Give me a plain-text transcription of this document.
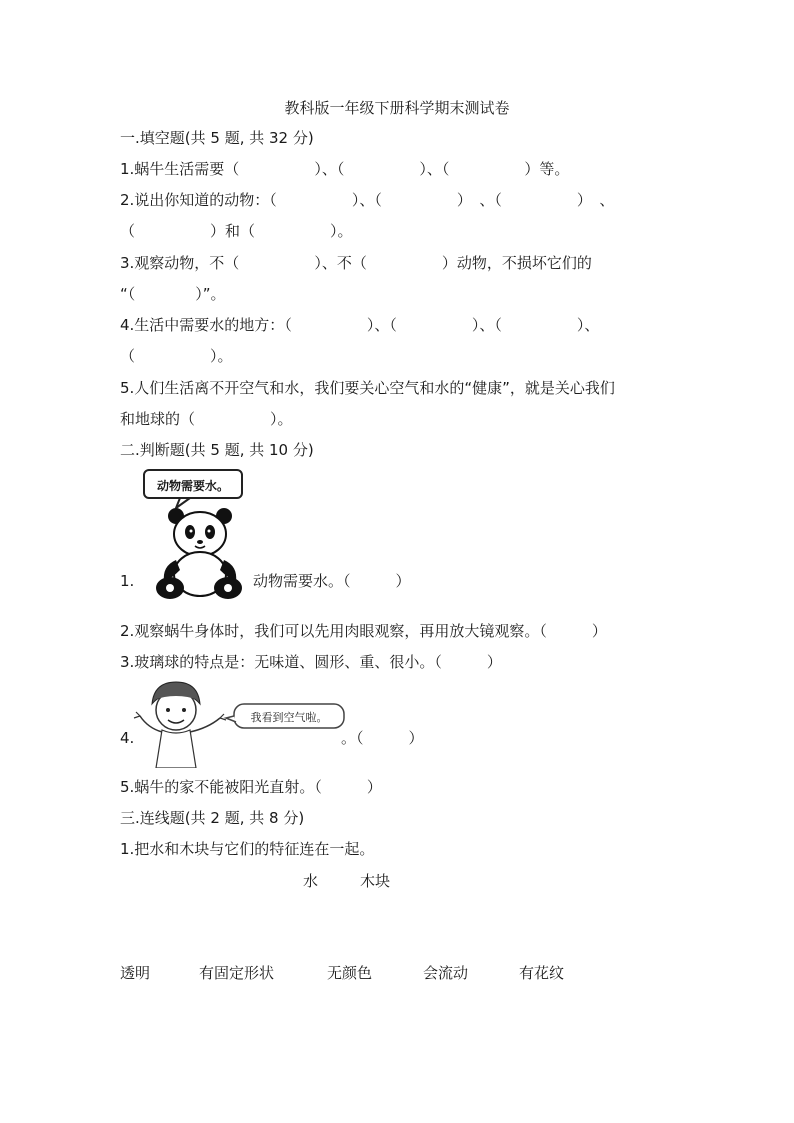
教科版一年级下册科学期末测试卷
一.填空题(共 5 题, 共 32 分)
1.蜗牛生活需要（　　　　　）、（　　　　　）、（　　　　　）等。
2.说出你知道的动物：（　　　　　）、（　　　　　）　、（　　　　　）　、
（　　　　　）和（　　　　　）。
3.观察动物，不（　　　　　）、不（　　　　　）动物，不损坏它们的
“（　　　　）”。
4.生活中需要水的地方：（　　　　　）、（　　　　　）、（　　　　　）、
（　　　　　）。
5.人们生活离不开空气和水，我们要关心空气和水的“健康”，就是关心我们
和地球的（　　　　　）。
二.判断题(共 5 题, 共 10 分)
动物需要水。
1.	动物需要水。（　　　）
2.观察蜗牛身体时，我们可以先用肉眼观察，再用放大镜观察。（　　　）
3.玻璃球的特点是：无味道、圆形、重、很小。（　　　）
我看到空气啦。
4.	。（　　　）
5.蜗牛的家不能被阳光直射。（　　　）
三.连线题(共 2 题, 共 8 分)
1.把水和木块与它们的特征连在一起。
水	木块
透明	有固定形状	无颜色	会流动	有花纹
